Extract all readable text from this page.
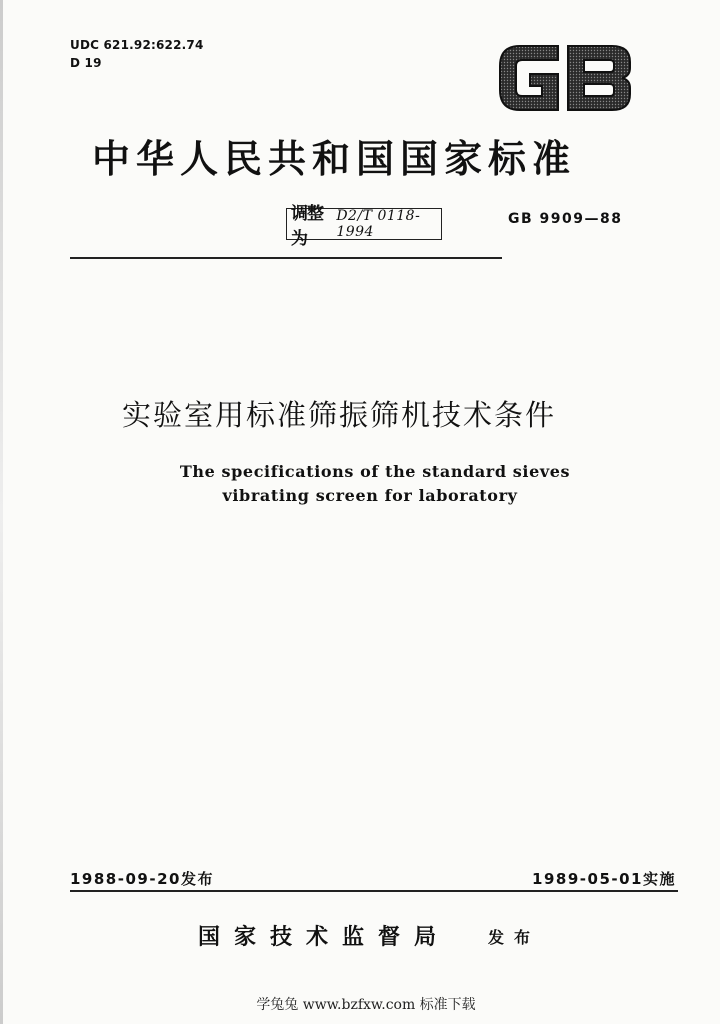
UDC 621.92:622.74
D 19
中华人民共和国国家标准
调整为
D2/T 0118-1994
GB 9909—88
实验室用标准筛振筛机技术条件
The specifications of the standard sieves
vibrating screen for laboratory
1988-09-20发布	1989-05-01实施
国家技术监督局 发布
学兔兔 www.bzfxw.com 标准下载
